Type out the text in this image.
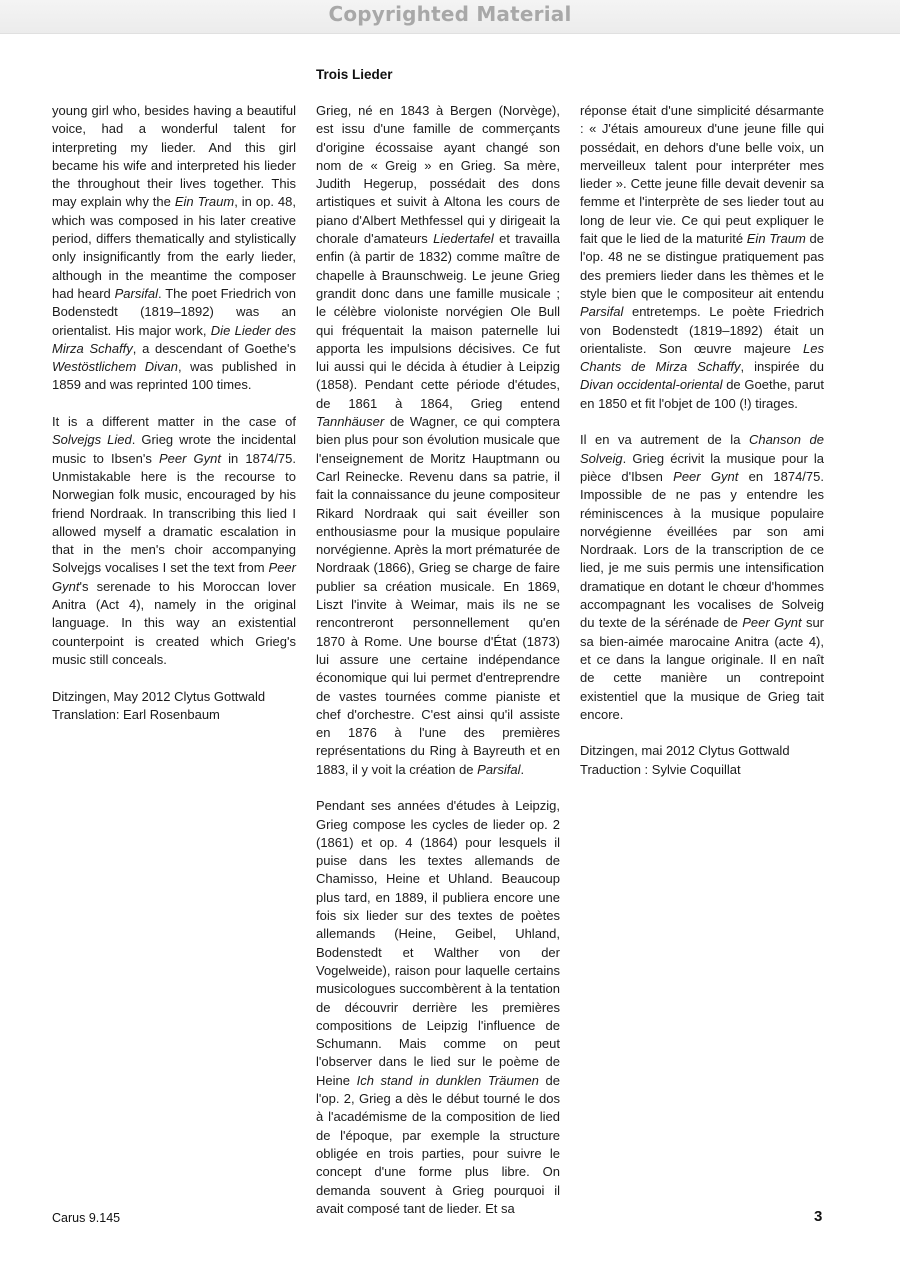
Copyrighted Material
Trois Lieder

young girl who, besides having a beautiful voice, had a wonderful talent for interpreting my lieder. And this girl became his wife and interpreted his lieder the throughout their lives together. This may explain why the Ein Traum, in op. 48, which was composed in his later creative period, differs thematically and stylistically only insignificantly from the early lieder, although in the meantime the composer had heard Parsifal. The poet Friedrich von Bodenstedt (1819–1892) was an orientalist. His major work, Die Lieder des Mirza Schaffy, a descendant of Goethe's Westöstlichem Divan, was published in 1859 and was reprinted 100 times.

It is a different matter in the case of Solvejgs Lied. Grieg wrote the incidental music to Ibsen's Peer Gynt in 1874/75. Unmistakable here is the recourse to Norwegian folk music, encouraged by his friend Nordraak. In transcribing this lied I allowed myself a dramatic escalation in that in the men's choir accompanying Solvejgs vocalises I set the text from Peer Gynt's serenade to his Moroccan lover Anitra (Act 4), namely in the original language. In this way an existential counterpoint is created which Grieg's music still conceals.

Ditzingen, May 2012 Clytus Gottwald
Translation: Earl Rosenbaum

Grieg, né en 1843 à Bergen (Norvège), est issu d'une famille de commerçants d'origine écossaise ayant changé son nom de « Greig » en Grieg. Sa mère, Judith Hegerup, possédait des dons artistiques et suivit à Altona les cours de piano d'Albert Methfessel qui y dirigeait la chorale d'amateurs Liedertafel et travailla enfin (à partir de 1832) comme maître de chapelle à Braunschweig. Le jeune Grieg grandit donc dans une famille musicale ; le célèbre violoniste norvégien Ole Bull qui fréquentait la maison paternelle lui apporta les impulsions décisives. Ce fut lui aussi qui le décida à étudier à Leipzig (1858). Pendant cette période d'études, de 1861 à 1864, Grieg entend Tannhäuser de Wagner, ce qui comptera bien plus pour son évolution musicale que l'enseignement de Moritz Hauptmann ou Carl Reinecke. Revenu dans sa patrie, il fait la connaissance du jeune compositeur Rikard Nordraak qui sait éveiller son enthousiasme pour la musique populaire norvégienne. Après la mort prématurée de Nordraak (1866), Grieg se charge de faire publier sa création musicale. En 1869, Liszt l'invite à Weimar, mais ils ne se rencontreront personnellement qu'en 1870 à Rome. Une bourse d'État (1873) lui assure une certaine indépendance économique qui lui permet d'entreprendre de vastes tournées comme pianiste et chef d'orchestre. C'est ainsi qu'il assiste en 1876 à l'une des premières représentations du Ring à Bayreuth et en 1883, il y voit la création de Parsifal.

Pendant ses années d'études à Leipzig, Grieg compose les cycles de lieder op. 2 (1861) et op. 4 (1864) pour lesquels il puise dans les textes allemands de Chamisso, Heine et Uhland. Beaucoup plus tard, en 1889, il publiera encore une fois six lieder sur des textes de poètes allemands (Heine, Geibel, Uhland, Bodenstedt et Walther von der Vogelweide), raison pour laquelle certains musicologues succombèrent à la tentation de découvrir derrière les premières compositions de Leipzig l'influence de Schumann. Mais comme on peut l'observer dans le lied sur le poème de Heine Ich stand in dunklen Träumen de l'op. 2, Grieg a dès le début tourné le dos à l'académisme de la composition de lied de l'époque, par exemple la structure obligée en trois parties, pour suivre le concept d'une forme plus libre. On demanda souvent à Grieg pourquoi il avait composé tant de lieder. Et sa

réponse était d'une simplicité désarmante : « J'étais amoureux d'une jeune fille qui possédait, en dehors d'une belle voix, un merveilleux talent pour interpréter mes lieder ». Cette jeune fille devait devenir sa femme et l'interprète de ses lieder tout au long de leur vie. Ce qui peut expliquer le fait que le lied de la maturité Ein Traum de l'op. 48 ne se distingue pratiquement pas des premiers lieder dans les thèmes et le style bien que le compositeur ait entendu Parsifal entretemps. Le poète Friedrich von Bodenstedt (1819–1892) était un orientaliste. Son œuvre majeure Les Chants de Mirza Schaffy, inspirée du Divan occidental-oriental de Goethe, parut en 1850 et fit l'objet de 100 (!) tirages.

Il en va autrement de la Chanson de Solveig. Grieg écrivit la musique pour la pièce d'Ibsen Peer Gynt en 1874/75. Impossible de ne pas y entendre les réminiscences à la musique populaire norvégienne éveillées par son ami Nordraak. Lors de la transcription de ce lied, je me suis permis une intensification dramatique en dotant le chœur d'hommes accompagnant les vocalises de Solveig du texte de la sérénade de Peer Gynt sur sa bien-aimée marocaine Anitra (acte 4), et ce dans la langue originale. Il en naît de cette manière un contrepoint existentiel que la musique de Grieg tait encore.

Ditzingen, mai 2012 Clytus Gottwald
Traduction : Sylvie Coquillat

Carus 9.145	3
